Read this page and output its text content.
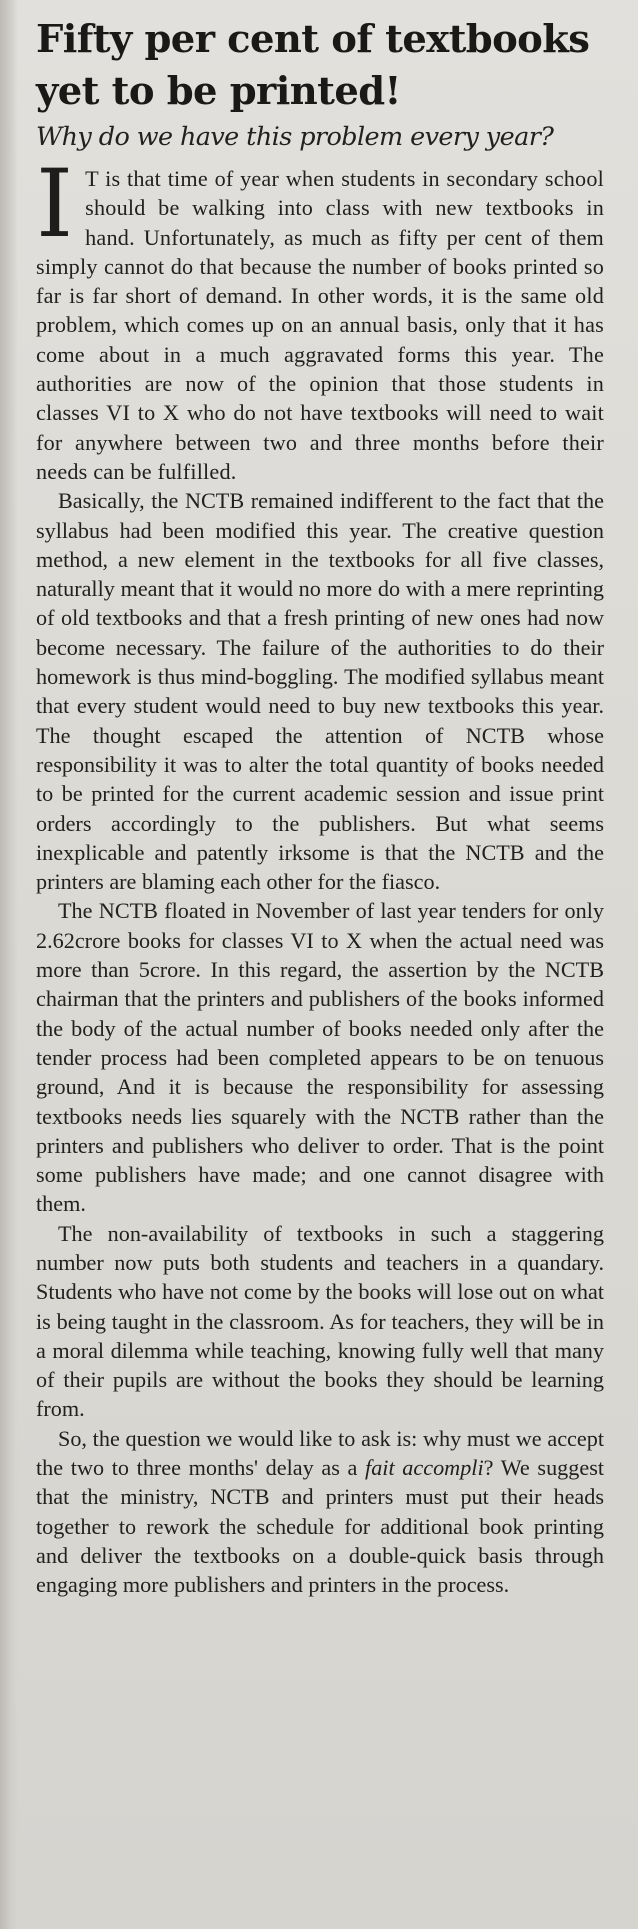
Fifty per cent of textbooks
yet to be printed!
Why do we have this problem every year?

I T is that time of year when students in secondary school should be walking into class with new textbooks in hand. Unfortunately, as much as fifty per cent of them simply cannot do that because the number of books printed so far is far short of demand. In other words, it is the same old problem, which comes up on an annual basis, only that it has come about in a much aggravated forms this year. The authorities are now of the opinion that those students in classes VI to X who do not have textbooks will need to wait for anywhere between two and three months before their needs can be fulfilled.

Basically, the NCTB remained indifferent to the fact that the syllabus had been modified this year. The creative question method, a new element in the textbooks for all five classes, naturally meant that it would no more do with a mere reprinting of old textbooks and that a fresh printing of new ones had now become necessary. The failure of the authorities to do their homework is thus mind-boggling. The modified syllabus meant that every student would need to buy new textbooks this year. The thought escaped the attention of NCTB whose responsibility it was to alter the total quantity of books needed to be printed for the current academic session and issue print orders accordingly to the publishers. But what seems inexplicable and patently irksome is that the NCTB and the printers are blaming each other for the fiasco.

The NCTB floated in November of last year tenders for only 2.62crore books for classes VI to X when the actual need was more than 5crore. In this regard, the assertion by the NCTB chairman that the printers and publishers of the books informed the body of the actual number of books needed only after the tender process had been completed appears to be on tenuous ground, And it is because the responsibility for assessing textbooks needs lies squarely with the NCTB rather than the printers and publishers who deliver to order. That is the point some publishers have made; and one cannot disagree with them.

The non-availability of textbooks in such a staggering number now puts both students and teachers in a quandary. Students who have not come by the books will lose out on what is being taught in the classroom. As for teachers, they will be in a moral dilemma while teaching, knowing fully well that many of their pupils are without the books they should be learning from.

So, the question we would like to ask is: why must we accept the two to three months' delay as a fait accompli? We suggest that the ministry, NCTB and printers must put their heads together to rework the schedule for additional book printing and deliver the textbooks on a double-quick basis through engaging more publishers and printers in the process.
